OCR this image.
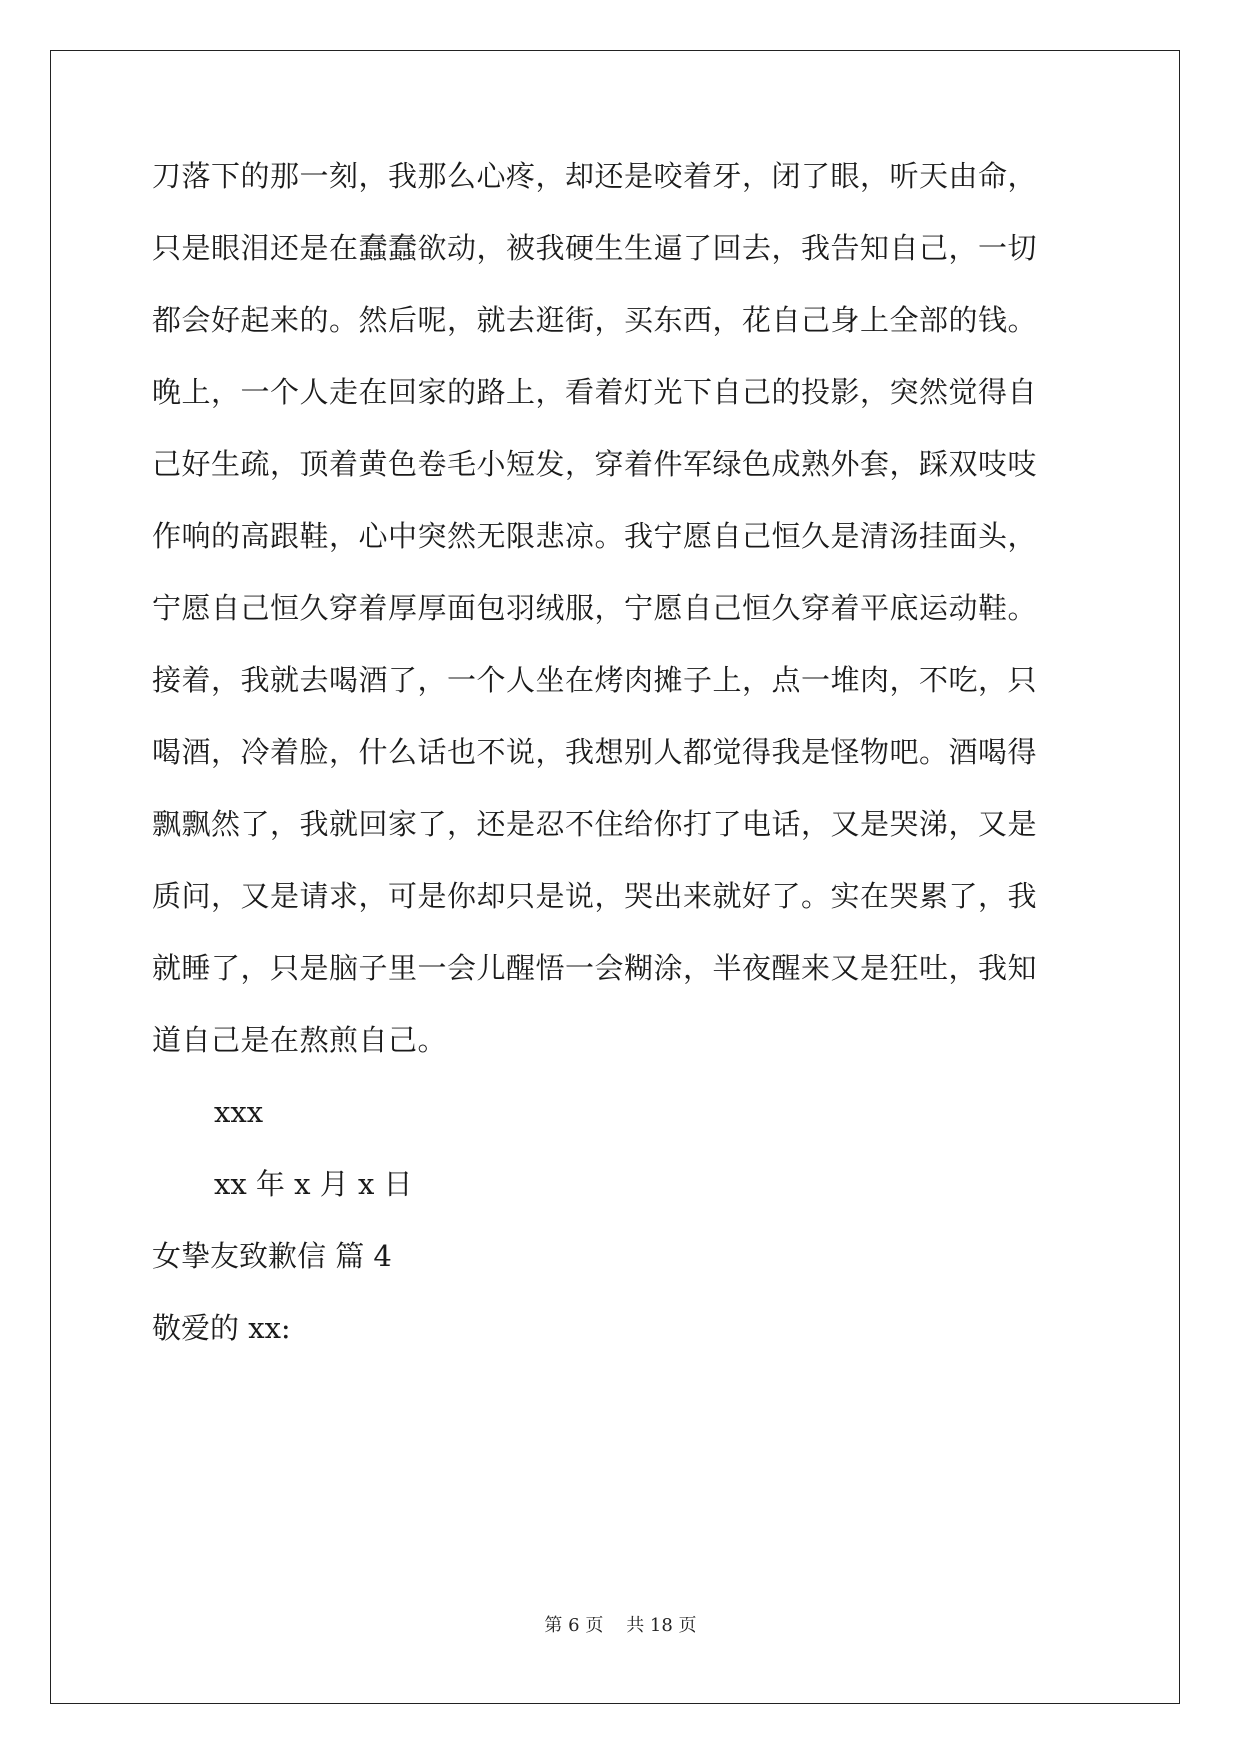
刀落下的那一刻，我那么心疼，却还是咬着牙，闭了眼，听天由命，
只是眼泪还是在蠢蠢欲动，被我硬生生逼了回去，我告知自己，一切
都会好起来的。然后呢，就去逛街，买东西，花自己身上全部的钱。
晚上，一个人走在回家的路上，看着灯光下自己的投影，突然觉得自
己好生疏，顶着黄色卷毛小短发，穿着件军绿色成熟外套，踩双吱吱
作响的高跟鞋，心中突然无限悲凉。我宁愿自己恒久是清汤挂面头，
宁愿自己恒久穿着厚厚面包羽绒服，宁愿自己恒久穿着平底运动鞋。
接着，我就去喝酒了，一个人坐在烤肉摊子上，点一堆肉，不吃，只
喝酒，冷着脸，什么话也不说，我想别人都觉得我是怪物吧。酒喝得
飘飘然了，我就回家了，还是忍不住给你打了电话，又是哭涕，又是
质问，又是请求，可是你却只是说，哭出来就好了。实在哭累了，我
就睡了，只是脑子里一会儿醒悟一会糊涂，半夜醒来又是狂吐，我知
道自己是在熬煎自己。
xxx
xx 年 x 月 x 日
女挚友致歉信 篇 4
敬爱的 xx:
第 6 页    共 18 页
